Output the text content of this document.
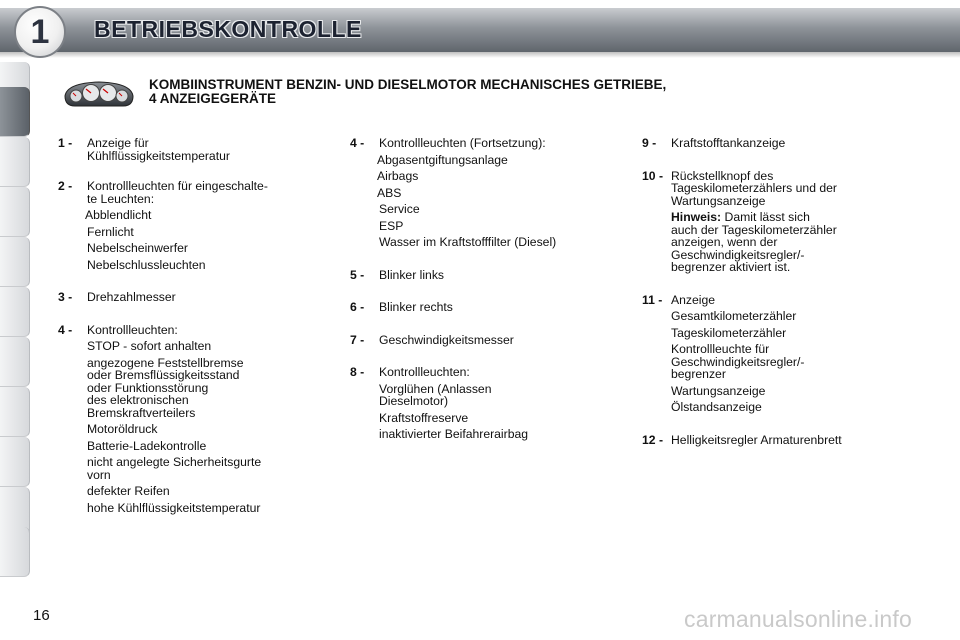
1 BETRIEBSKONTROLLE
KOMBIINSTRUMENT BENZIN- UND DIESELMOTOR MECHANISCHES GETRIEBE,
4 ANZEIGEGERÄTE
1 - Anzeige für
Kühlflüssigkeitstemperatur
2 - Kontrollleuchten für eingeschalte-
te Leuchten:
Abblendlicht
Fernlicht
Nebelscheinwerfer
Nebelschlussleuchten
3 - Drehzahlmesser
4 - Kontrollleuchten:
STOP - sofort anhalten
angezogene Feststellbremse
oder Bremsflüssigkeitsstand
oder Funktionsstörung
des elektronischen
Bremskraftverteilers
Motoröldruck
Batterie-Ladekontrolle
nicht angelegte Sicherheitsgurte
vorn
defekter Reifen
hohe Kühlflüssigkeitstemperatur
4 - Kontrollleuchten (Fortsetzung):
Abgasentgiftungsanlage
Airbags
ABS
Service
ESP
Wasser im Kraftstofffilter (Diesel)
5 - Blinker links
6 - Blinker rechts
7 - Geschwindigkeitsmesser
8 - Kontrollleuchten:
Vorglühen (Anlassen
Dieselmotor)
Kraftstoffreserve
inaktivierter Beifahrerairbag
9 - Kraftstofftankanzeige
10 - Rückstellknopf des
Tageskilometerzählers und der
Wartungsanzeige
Hinweis: Damit lässt sich
auch der Tageskilometerzähler
anzeigen, wenn der
Geschwindigkeitsregler/-
begrenzer aktiviert ist.
11 - Anzeige
Gesamtkilometerzähler
Tageskilometerzähler
Kontrollleuchte für
Geschwindigkeitsregler/-
begrenzer
Wartungsanzeige
Ölstandsanzeige
12 - Helligkeitsregler Armaturenbrett
16	carmanualsonline.info
